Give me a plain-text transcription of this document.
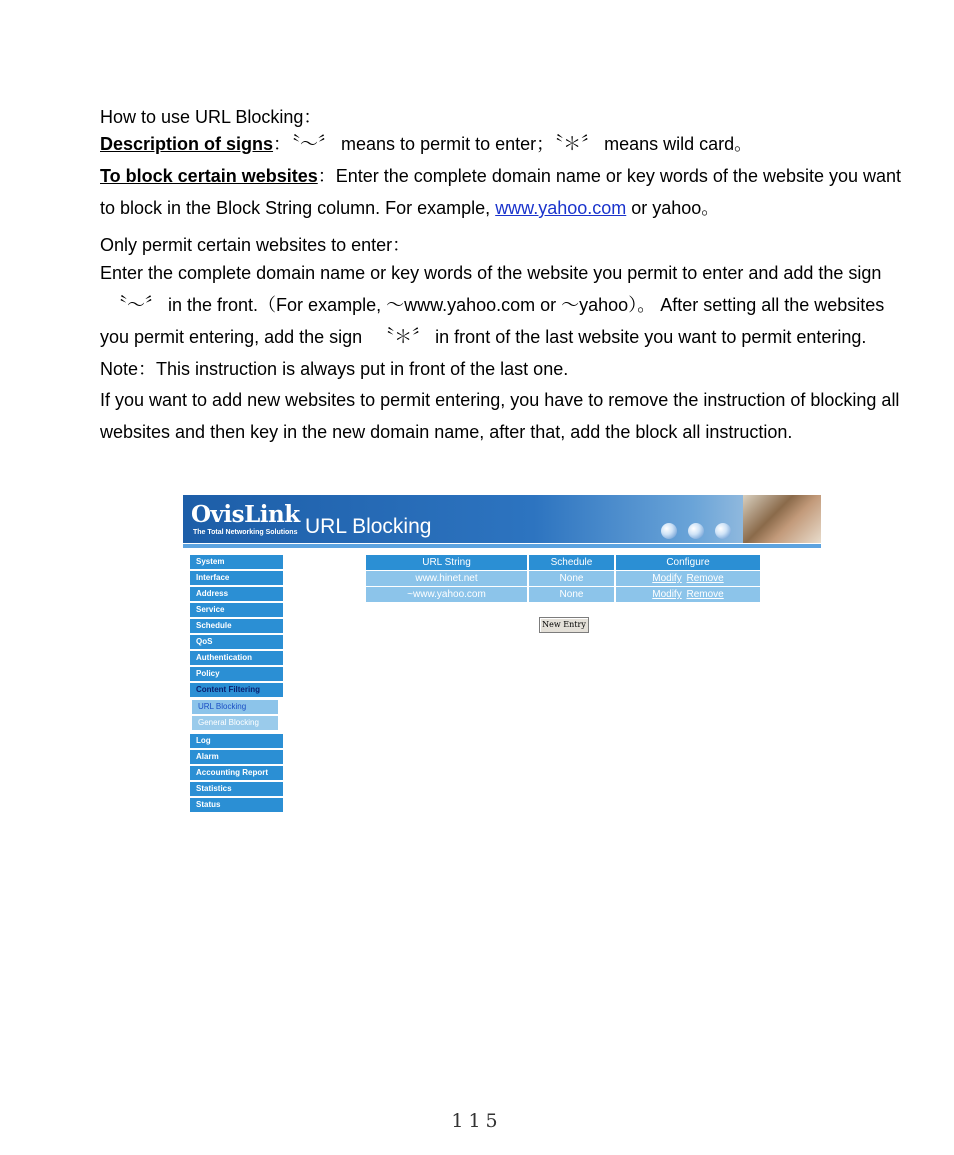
How to use URL Blocking：
Description of signs：〝～〞 means to permit to enter；〝＊〞 means wild card。
To block certain websites：Enter the complete domain name or key words of the website you want to block in the Block String column. For example, www.yahoo.com or yahoo。
Only permit certain websites to enter：
Enter the complete domain name or key words of the website you permit to enter and add the sign 　〝～〞 in the front.（For example, ～www.yahoo.com or ～yahoo）。 After setting all the websites you permit entering, add the sign 　〝＊〞 in front of the last website you want to permit entering. Note：This instruction is always put in front of the last one.
If you want to add new websites to permit entering, you have to remove the instruction of blocking all websites and then key in the new domain name, after that, add the block all instruction.
OvisLink
The Total Networking Solutions URL Blocking
System
Interface
Address
Service
Schedule
QoS
Authentication
Policy
Content Filtering
URL Blocking
General Blocking
Log
Alarm
Accounting Report
Statistics
Status
URL String	Schedule	Configure
www.hinet.net	None	Modify Remove
~www.yahoo.com	None	Modify Remove
New Entry
115
